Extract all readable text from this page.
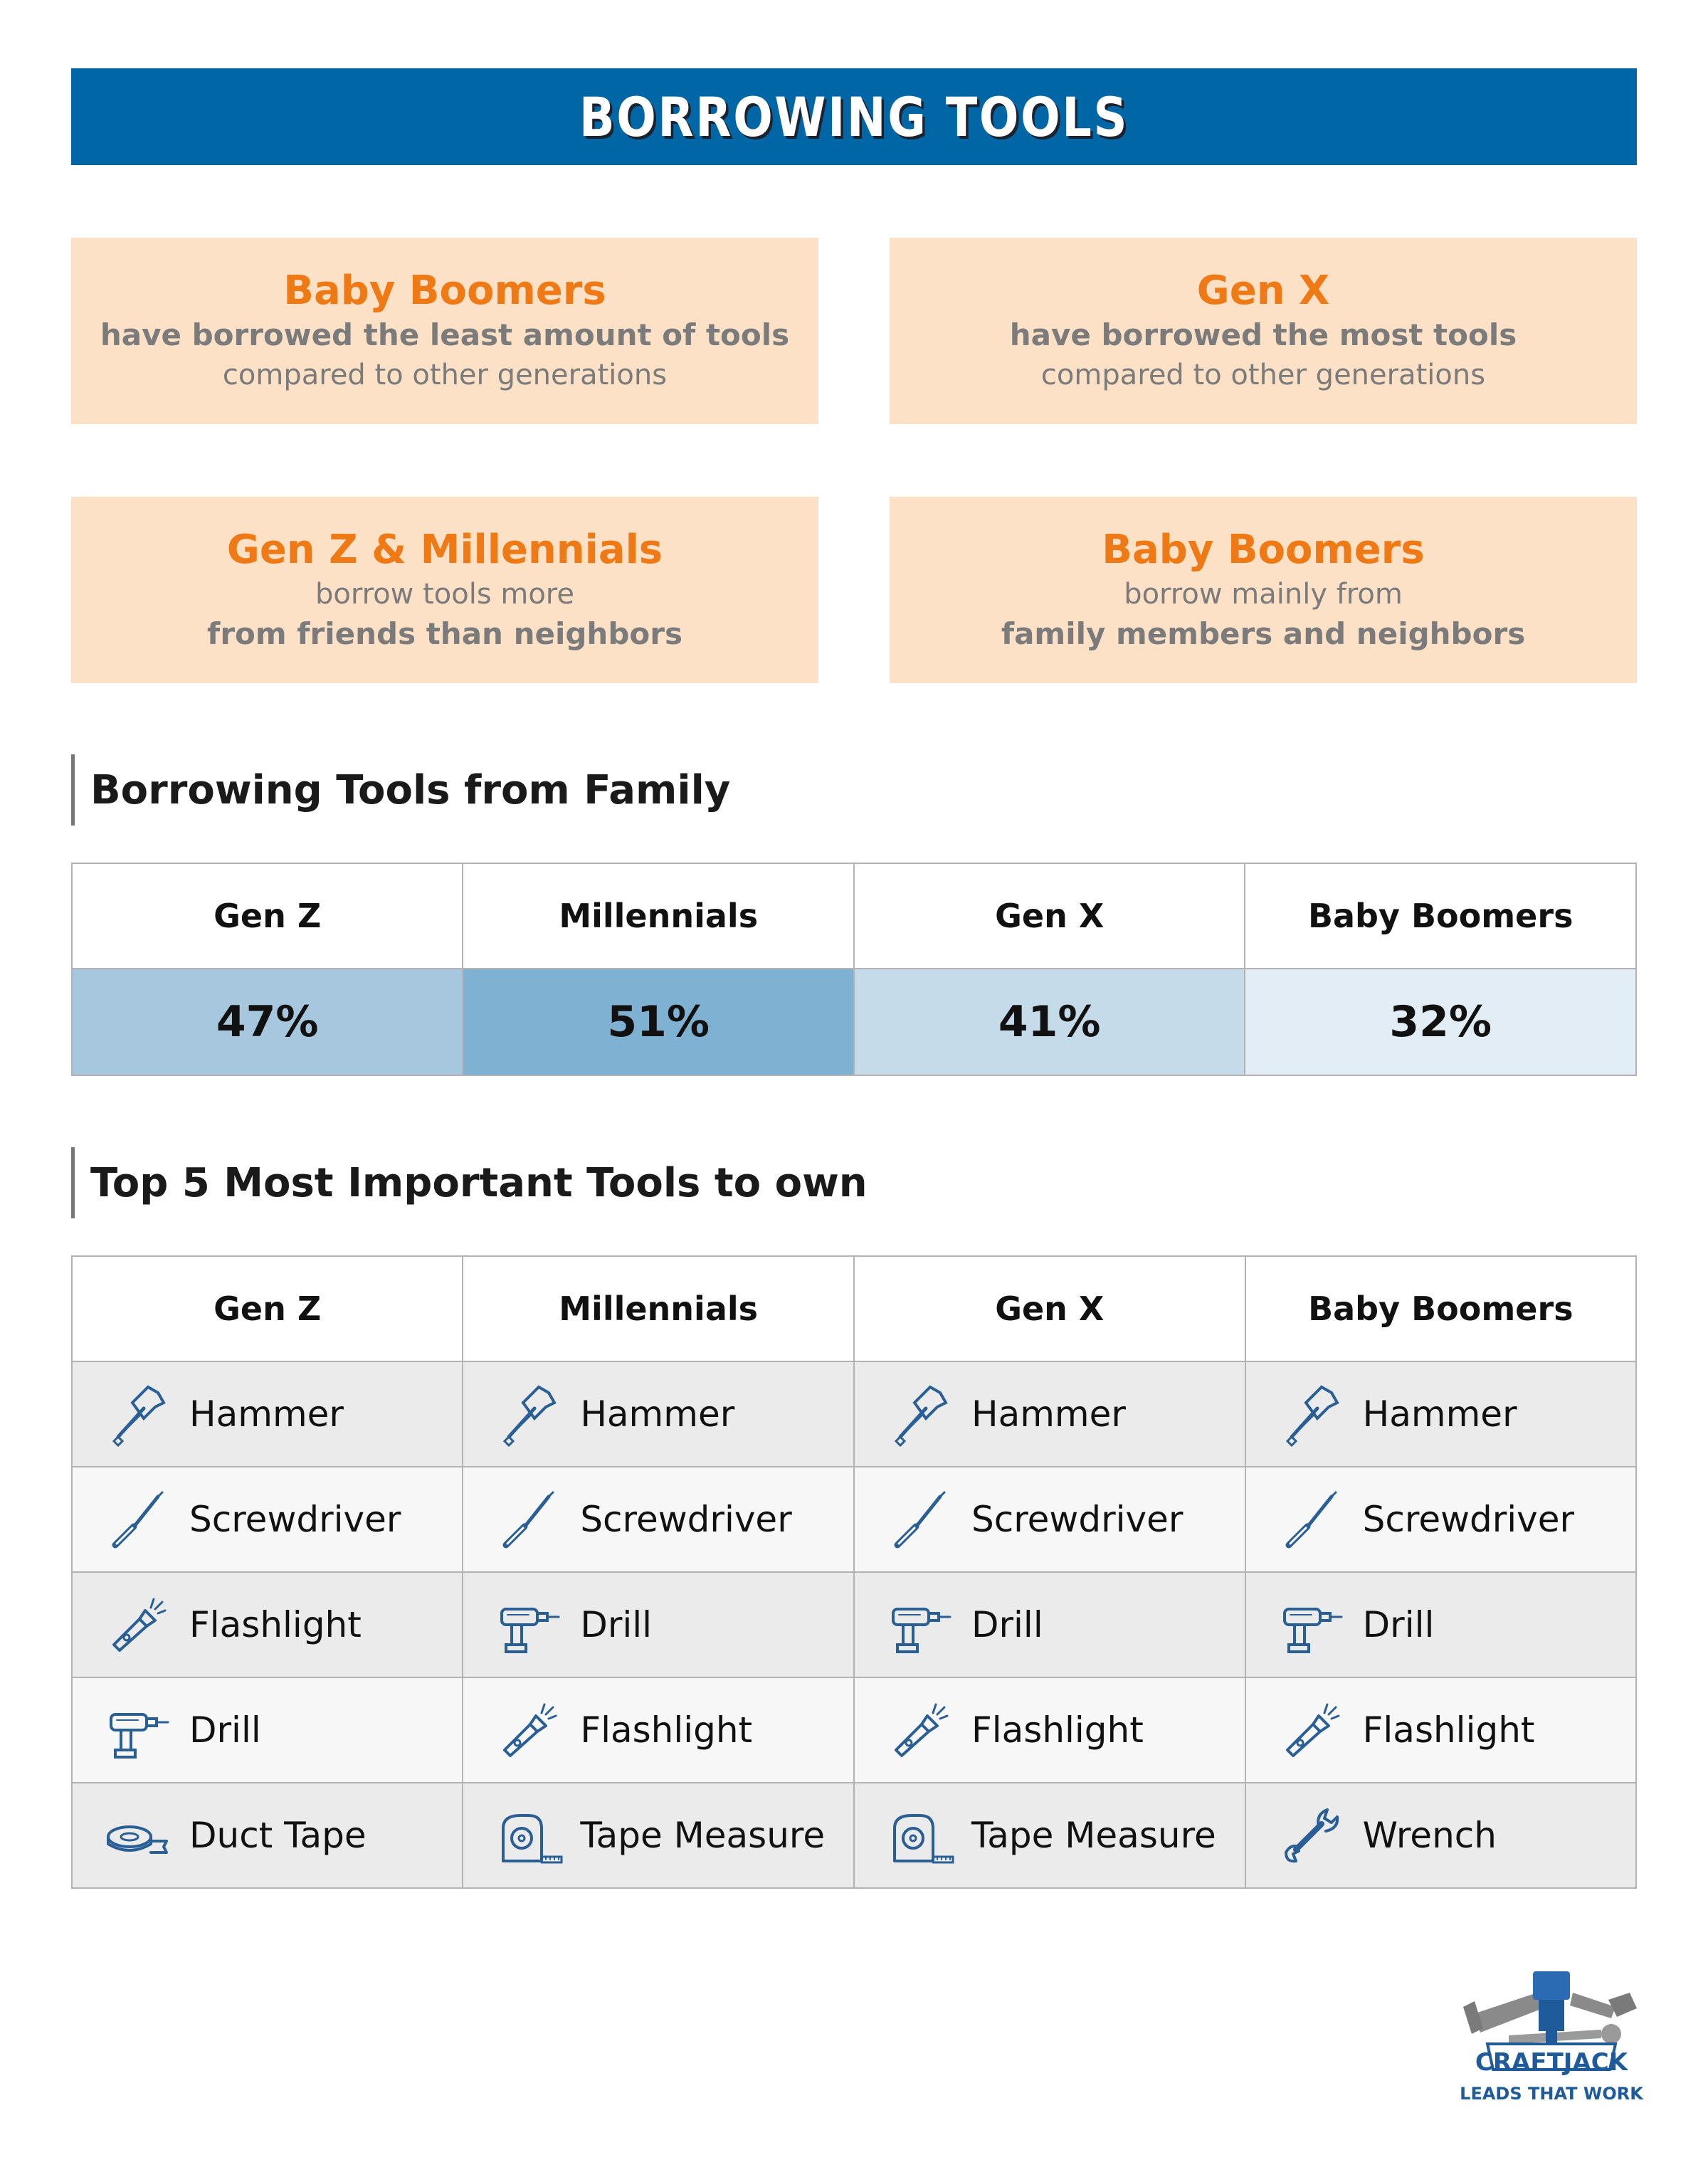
BORROWING TOOLS
Baby Boomers
have borrowed the least amount of tools
compared to other generations
Gen X
have borrowed the most tools
compared to other generations
Gen Z & Millennials
borrow tools more
from friends than neighbors
Baby Boomers
borrow mainly from
family members and neighbors
Borrowing Tools from Family
Gen Z	Millennials	Gen X	Baby Boomers
47%	51%	41%	32%
Top 5 Most Important Tools to own
Gen Z	Millennials	Gen X	Baby Boomers

Hammer	Hammer	Hammer	Hammer

Screwdriver	Screwdriver	Screwdriver	Screwdriver

Flashlight	Drill	Drill	Drill

Drill	Flashlight	Flashlight	Flashlight

Duct Tape	Tape Measure	Tape Measure	Wrench
CRAFTJACK
LEADS THAT WORK
